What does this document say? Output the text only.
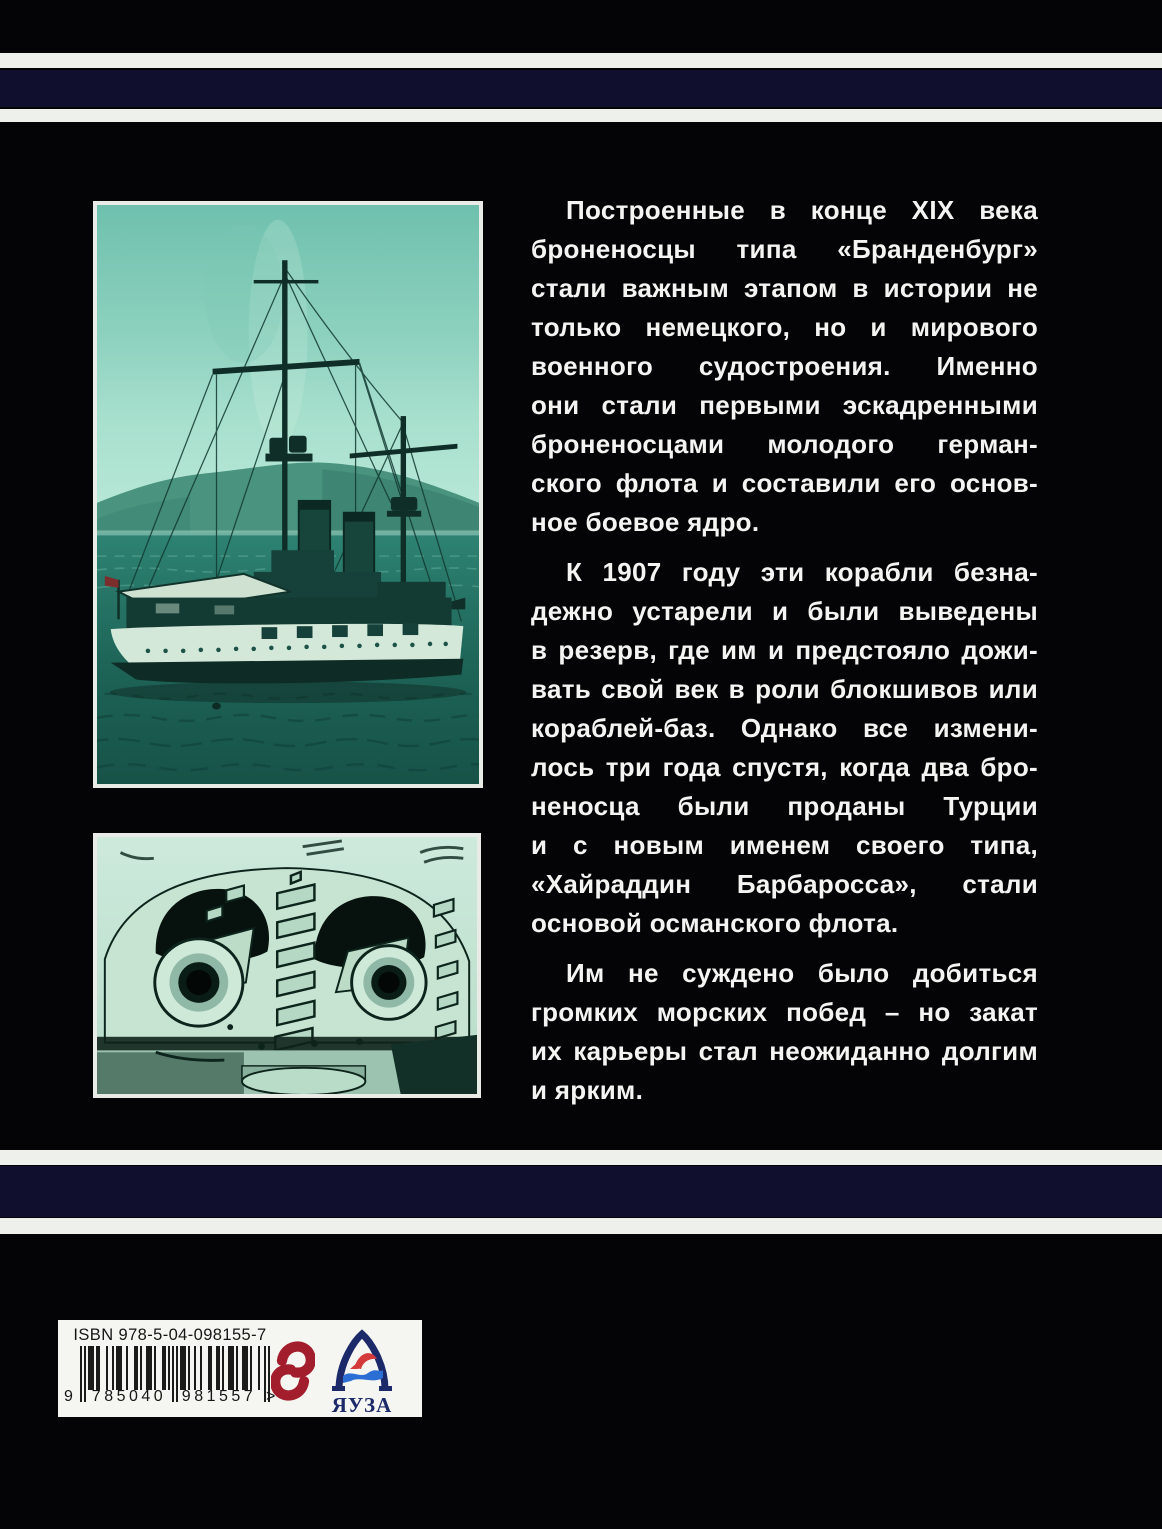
Построенные в конце XIX века
броненосцы типа «Бранденбург»
стали важным этапом в истории не
только немецкого, но и мирового
военного судостроения. Именно
они стали первыми эскадренными
броненосцами молодого герман-
ского флота и составили его основ-
ное боевое ядро.

К 1907 году эти корабли безна-
дежно устарели и были выведены
в резерв, где им и предстояло дожи-
вать свой век в роли блокшивов или
кораблей-баз. Однако все измени-
лось три года спустя, когда два бро-
неносца были проданы Турции
и с новым именем своего типа,
«Хайраддин Барбаросса», стали
основой османского флота.

Им не суждено было добиться
громких морских побед – но закат
их карьеры стал неожиданно долгим
и ярким.

ISBN 978-5-04-098155-7
9	785040 981557 >	ЯУЗА
